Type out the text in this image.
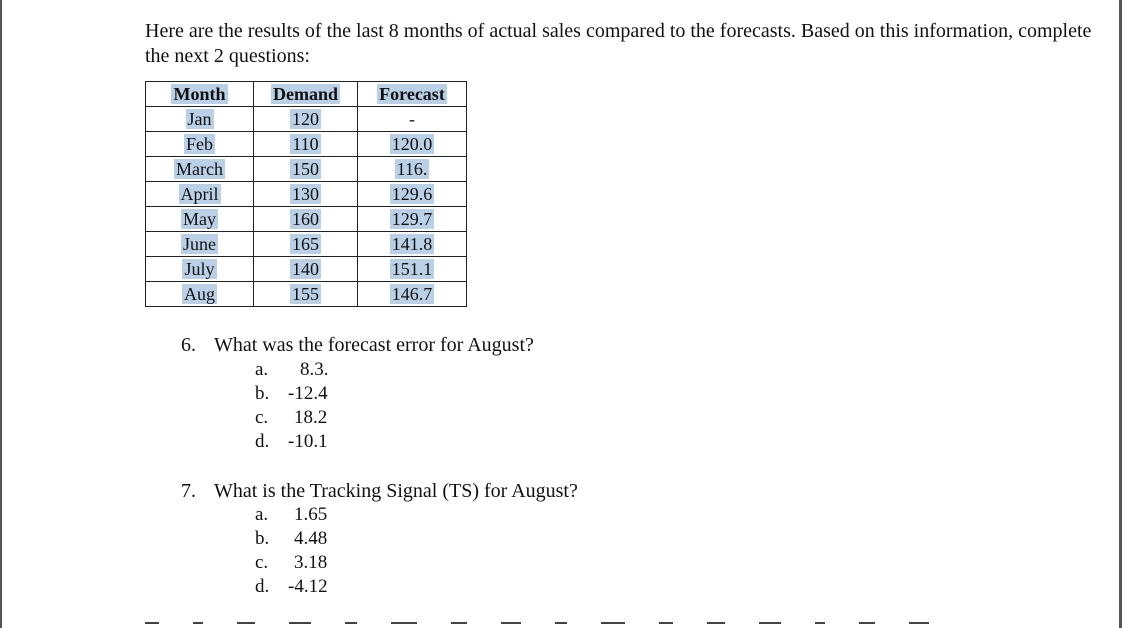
Here are the results of the last 8 months of actual sales compared to the forecasts. Based on this information, complete the next 2 questions:
Month	Demand	Forecast
Jan	120	-
Feb	110	120.0
March	150	116.
April	130	129.6
May	160	129.7
June	165	141.8
July	140	151.1
Aug	155	146.7
6. What was the forecast error for August?
a. 8.3.
b. -12.4
c. 18.2
d. -10.1
7. What is the Tracking Signal (TS) for August?
a. 1.65
b. 4.48
c. 3.18
d. -4.12
